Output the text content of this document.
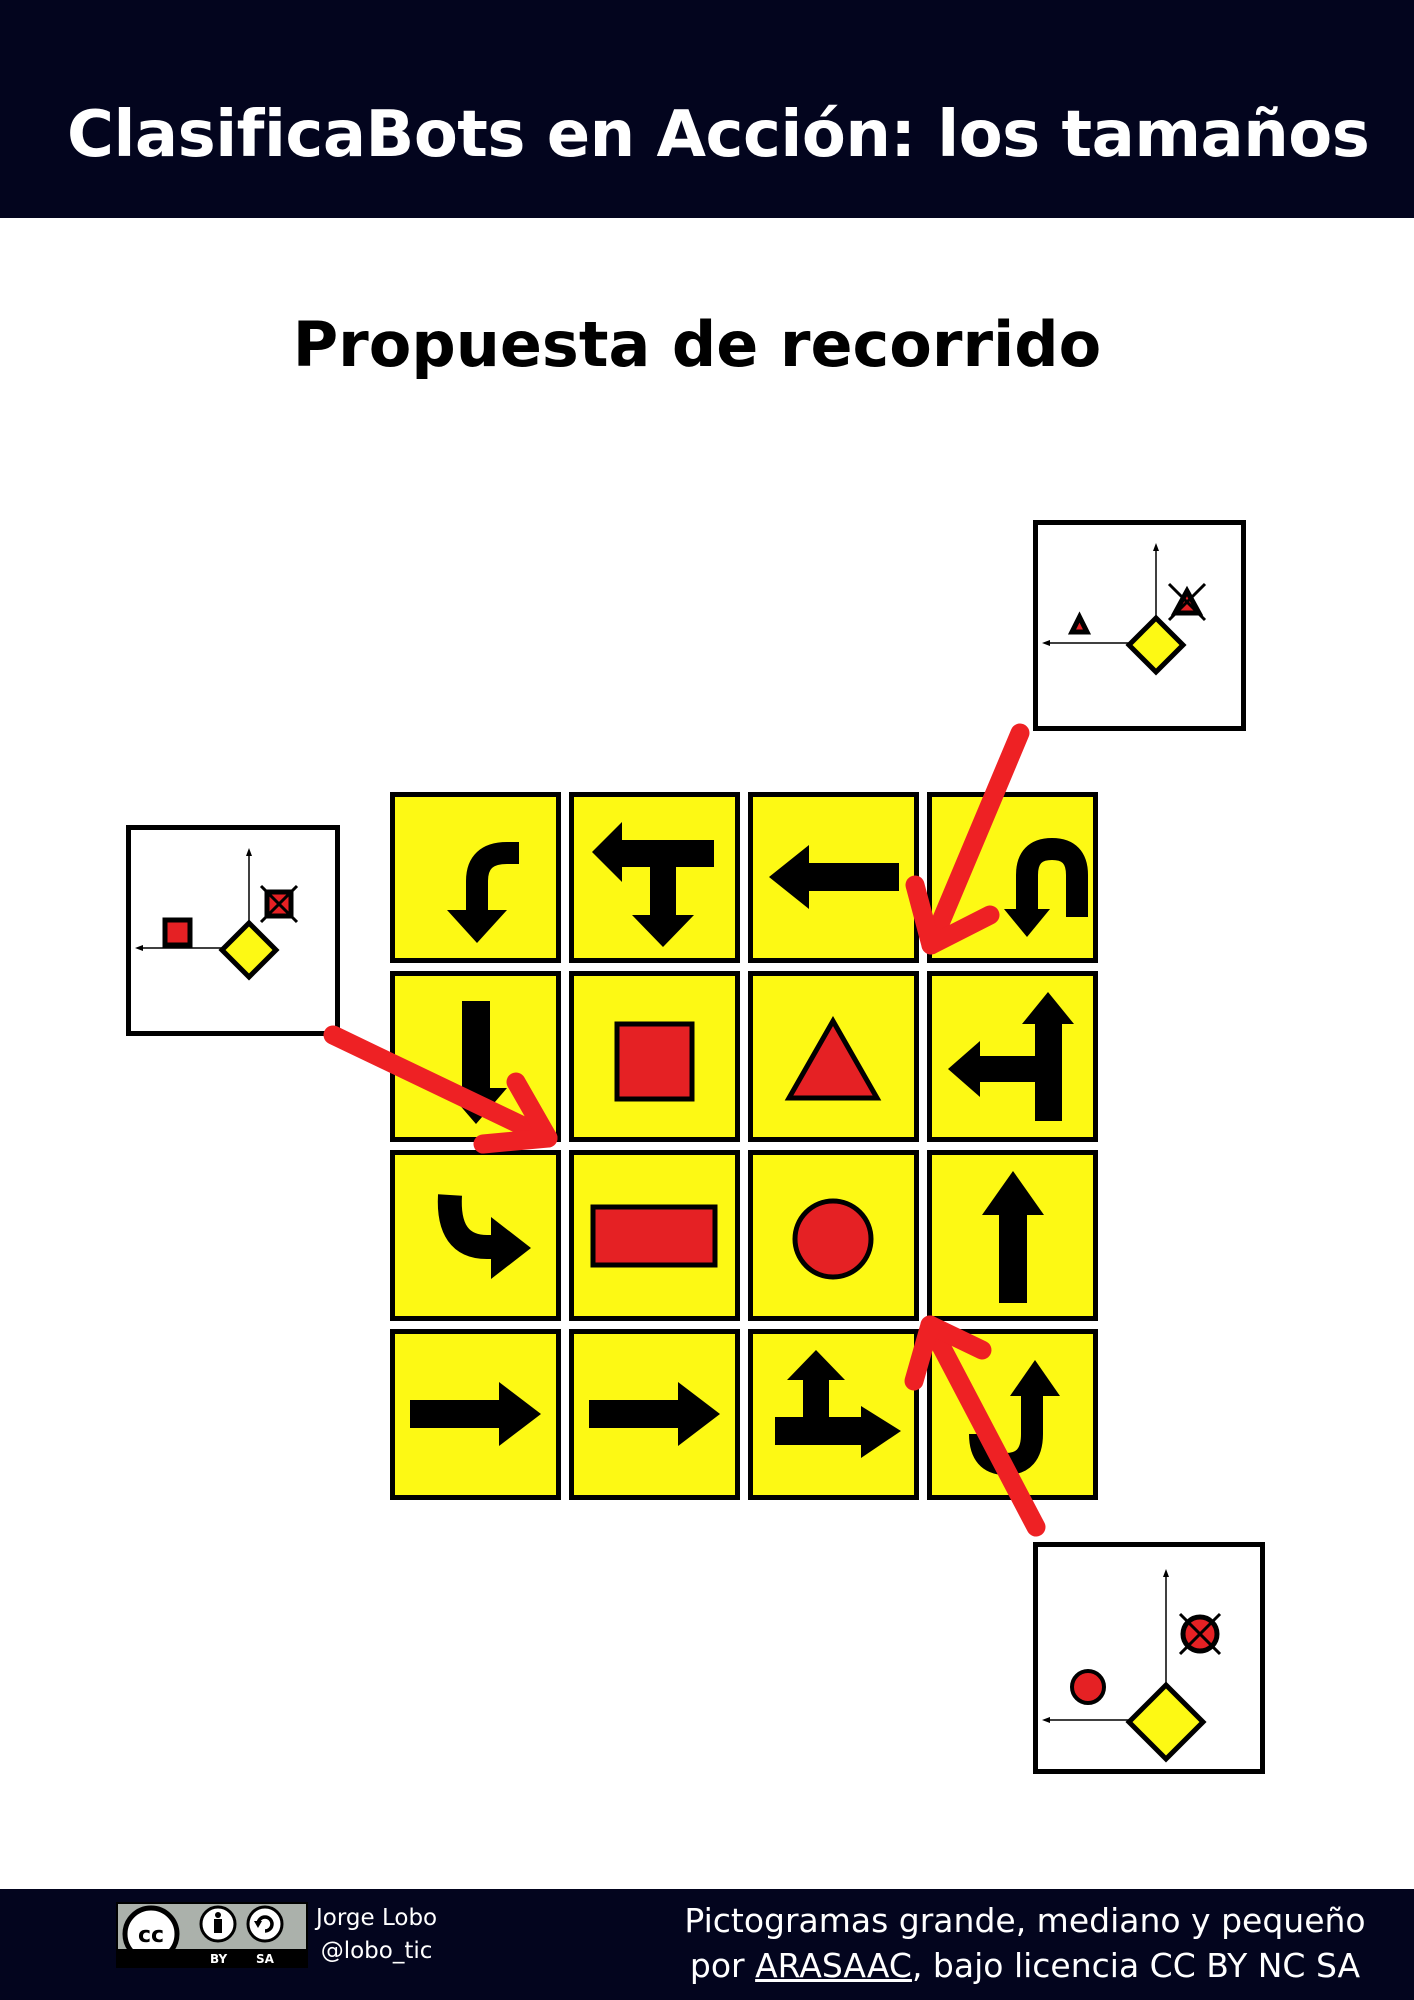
ClasificaBots en Acción: los tamaños
Propuesta de recorrido
cc
BY SA
Jorge Lobo
@lobo_tic
Pictogramas grande, mediano y pequeño
por ARASAAC, bajo licencia CC BY NC SA
